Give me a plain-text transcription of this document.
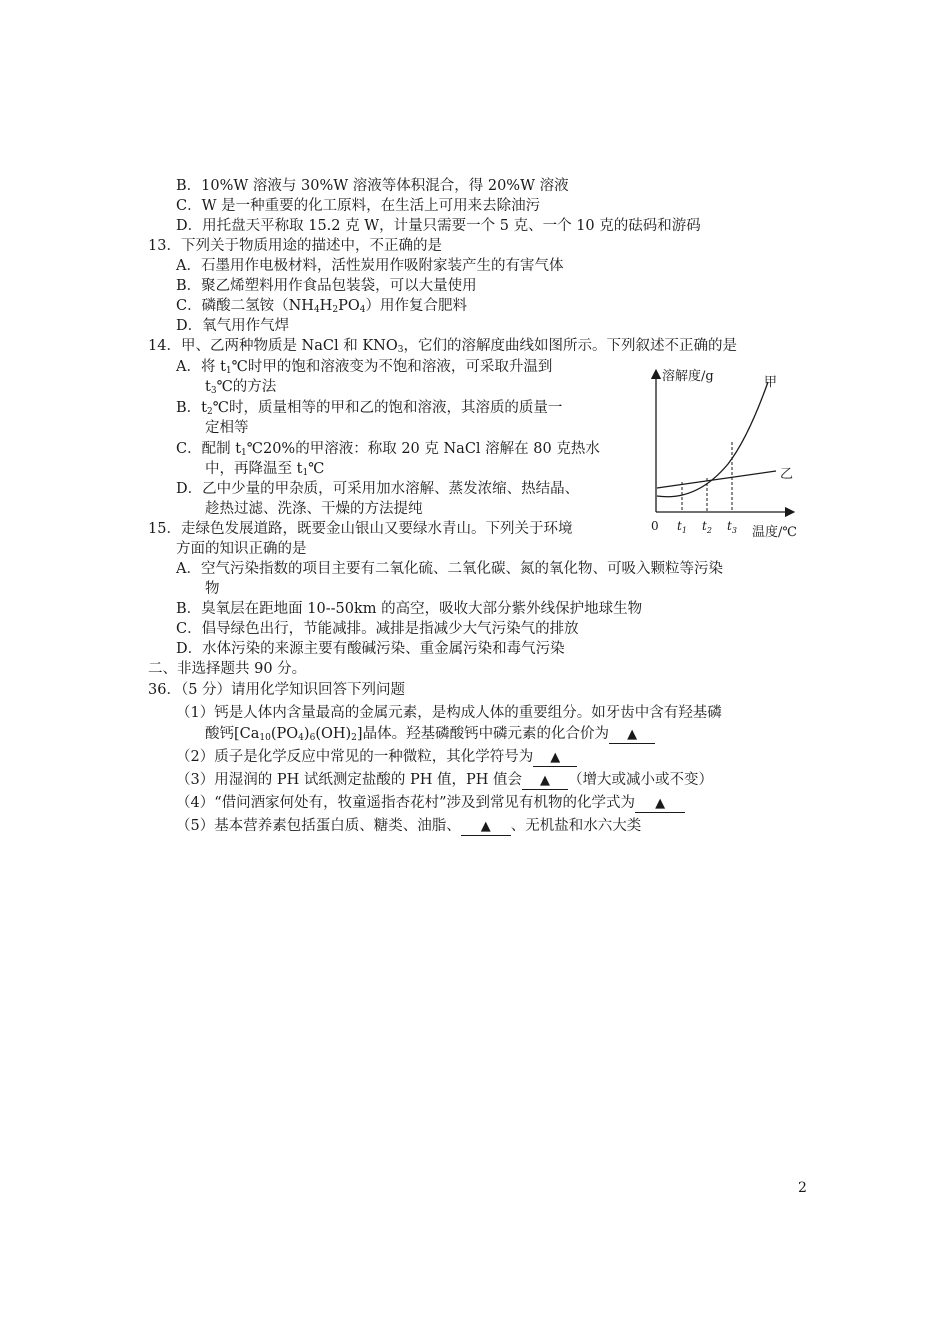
B．10%W 溶液与 30%W 溶液等体积混合，得 20%W 溶液
C．W 是一种重要的化工原料，在生活上可用来去除油污
D．用托盘天平称取 15.2 克 W，计量只需要一个 5 克、一个 10 克的砝码和游码
13．下列关于物质用途的描述中，不正确的是
A．石墨用作电极材料，活性炭用作吸附家装产生的有害气体
B．聚乙烯塑料用作食品包装袋，可以大量使用
C．磷酸二氢铵$(NH_4H_2PO_4)$用作复合肥料
D．氧气用作气焊
14．甲、乙两种物质是 NaCl 和 $KNO_3$，它们的溶解度曲线如图所示。下列叙述不正确的是
A．将 $t_1℃$时甲的饱和溶液变为不饱和溶液，可采取升温到
$t_3℃$的方法
B．$t_2℃$时，质量相等的甲和乙的饱和溶液，其溶质的质量一
定相等
C．配制 $t_1℃20\%$的甲溶液：称取 20 克 NaCl 溶解在 80 克热水
中，再降温至 $t_1℃$
D．乙中少量的甲杂质，可采用加水溶解、蒸发浓缩、热结晶、
趁热过滤、洗涤、干燥的方法提纯
溶解度/g
温度/℃
0
甲
乙
$t_1$ $t_2$ $t_3$
15．走绿色发展道路，既要金山银山又要绿水青山。下列关于环境
方面的知识正确的是
A．空气污染指数的项目主要有二氧化硫、二氧化碳、氮的氧化物、可吸入颗粒等污染
物
B．臭氧层在距地面 10--50km 的高空，吸收大部分紫外线保护地球生物
C．倡导绿色出行，节能减排。减排是指减少大气污染气的排放
D．水体污染的来源主要有酸碱污染、重金属污染和毒气污染
二、非选择题共 90 分。
36．（5 分）请用化学知识回答下列问题
（1）钙是人体内含量最高的金属元素，是构成人体的重要组分。如牙齿中含有羟基磷
酸钙$[Ca_{10}(PO_4)_6(OH)_2]$晶体。羟基磷酸钙中磷元素的化合价为 ▲
（2）质子是化学反应中常见的一种微粒，其化学符号为 ▲
（3）用湿润的 PH 试纸测定盐酸的 PH 值，PH 值会 ▲ （增大或减小或不变）
（4）“借问酒家何处有，牧童遥指杏花村”涉及到常见有机物的化学式为 ▲
（5）基本营养素包括蛋白质、糖类、油脂、 ▲ 、无机盐和水六大类
2
